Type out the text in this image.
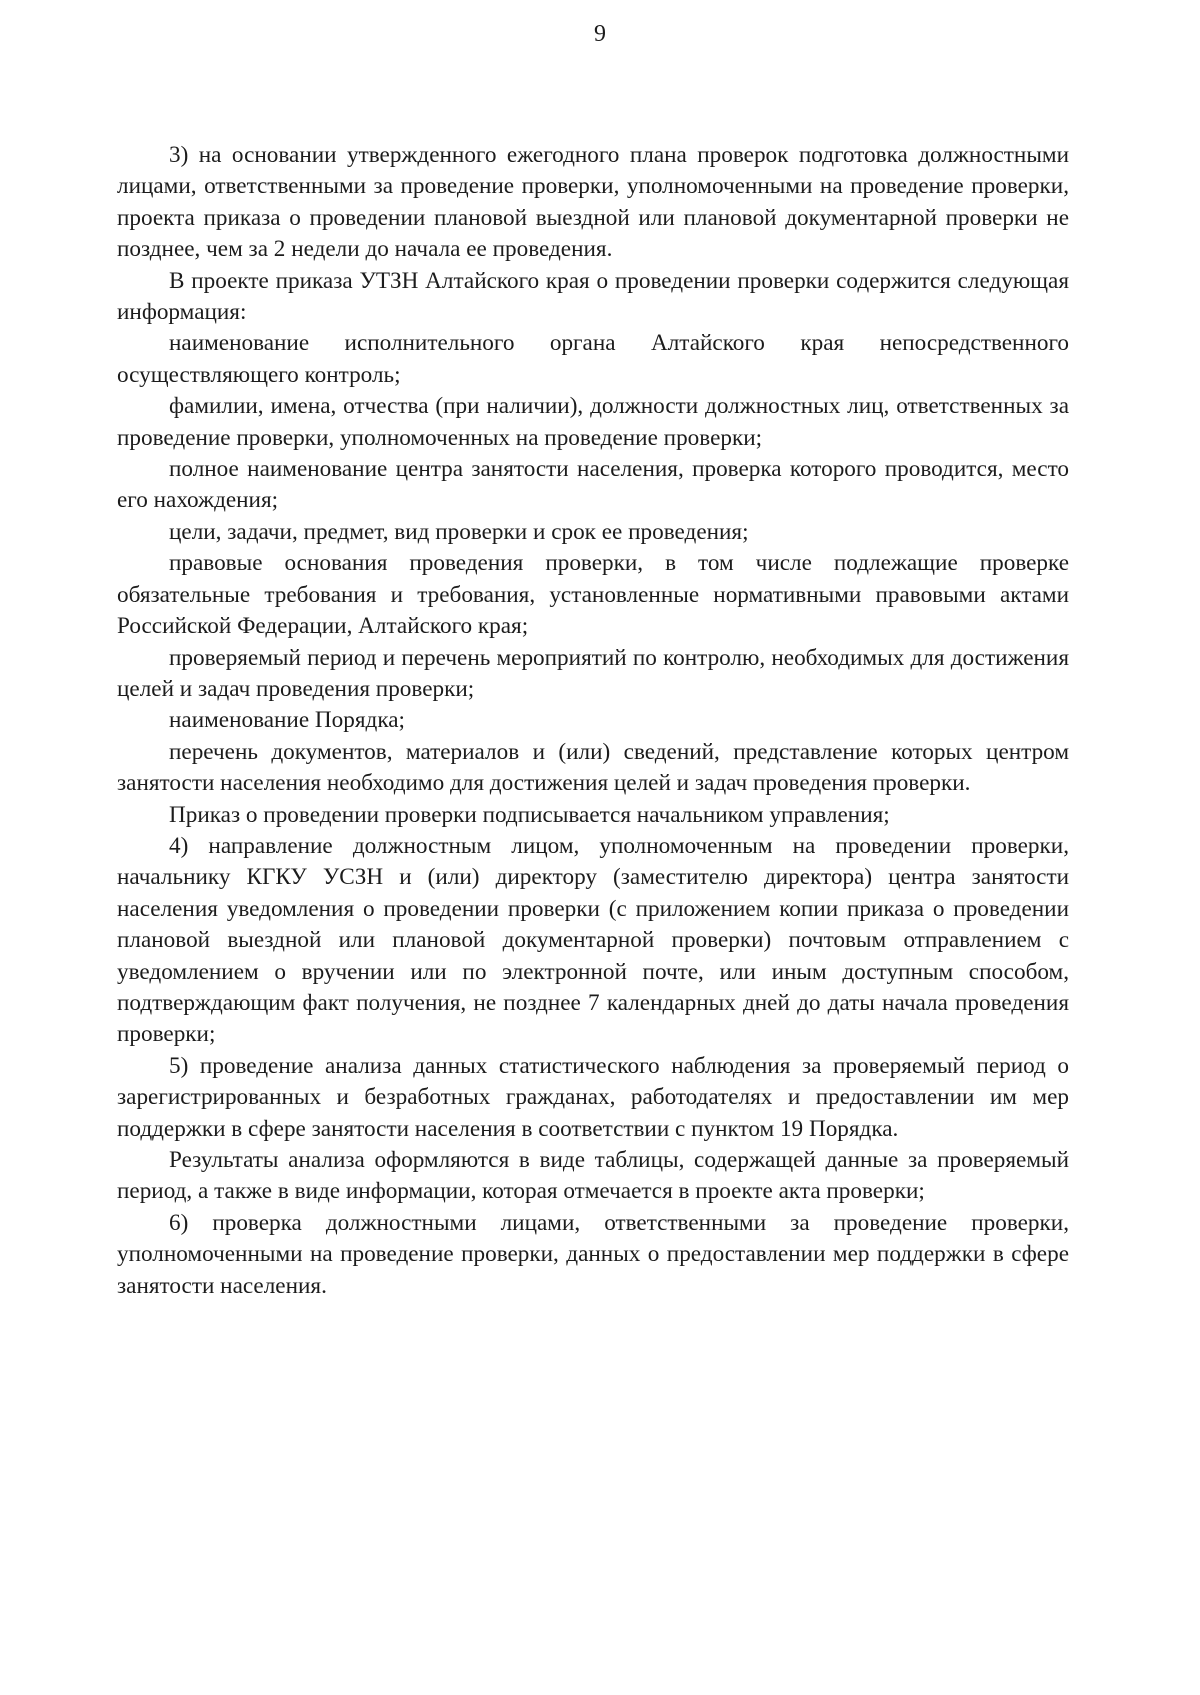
9

3) на основании утвержденного ежегодного плана проверок подготовка должностными лицами, ответственными за проведение проверки, уполномоченными на проведение проверки, проекта приказа о проведении плановой выездной или плановой документарной проверки не позднее, чем за 2 недели до начала ее проведения.

В проекте приказа УТЗН Алтайского края о проведении проверки содержится следующая информация:

наименование исполнительного органа Алтайского края непосредственного осуществляющего контроль;

фамилии, имена, отчества (при наличии), должности должностных лиц, ответственных за проведение проверки, уполномоченных на проведение проверки;

полное наименование центра занятости населения, проверка которого проводится, место его нахождения;

цели, задачи, предмет, вид проверки и срок ее проведения;

правовые основания проведения проверки, в том числе подлежащие проверке обязательные требования и требования, установленные нормативными правовыми актами Российской Федерации, Алтайского края;

проверяемый период и перечень мероприятий по контролю, необходимых для достижения целей и задач проведения проверки;

наименование Порядка;

перечень документов, материалов и (или) сведений, представление которых центром занятости населения необходимо для достижения целей и задач проведения проверки.

Приказ о проведении проверки подписывается начальником управления;

4) направление должностным лицом, уполномоченным на проведении проверки, начальнику КГКУ УСЗН и (или) директору (заместителю директора) центра занятости населения уведомления о проведении проверки (с приложением копии приказа о проведении плановой выездной или плановой документарной проверки) почтовым отправлением с уведомлением о вручении или по электронной почте, или иным доступным способом, подтверждающим факт получения, не позднее 7 календарных дней до даты начала проведения проверки;

5) проведение анализа данных статистического наблюдения за проверяемый период о зарегистрированных и безработных гражданах, работодателях и предоставлении им мер поддержки в сфере занятости населения в соответствии с пунктом 19 Порядка.

Результаты анализа оформляются в виде таблицы, содержащей данные за проверяемый период, а также в виде информации, которая отмечается в проекте акта проверки;

6) проверка должностными лицами, ответственными за проведение проверки, уполномоченными на проведение проверки, данных о предоставлении мер поддержки в сфере занятости населения.
